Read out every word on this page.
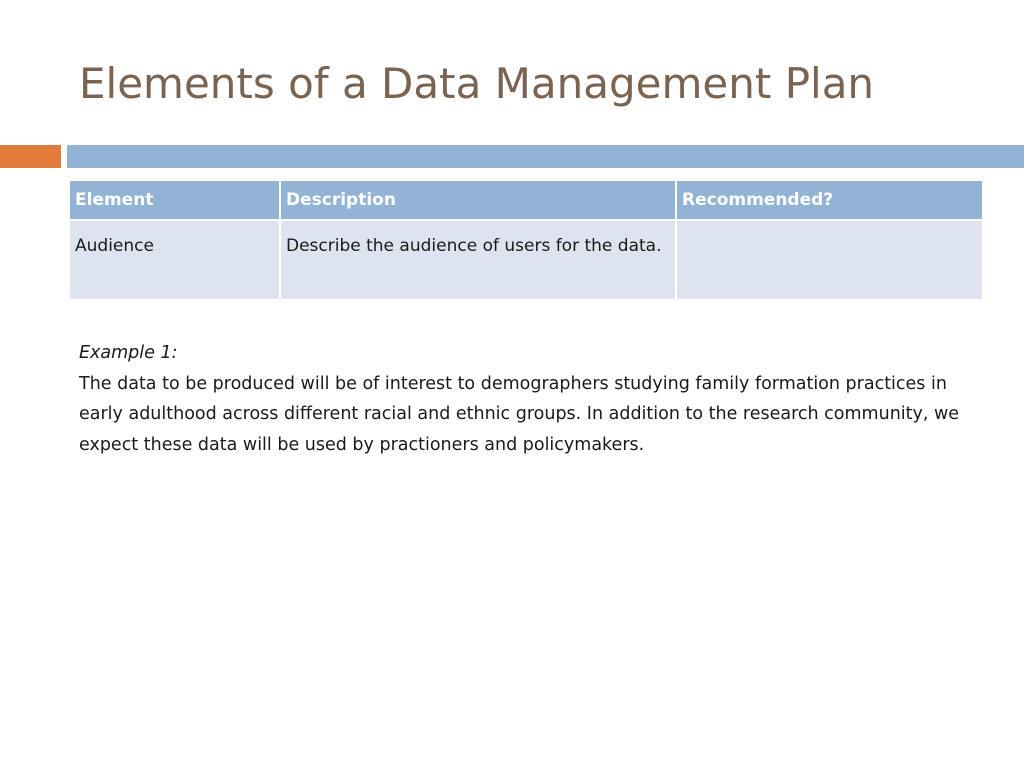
Elements of a Data Management Plan
Element	Description	Recommended?
Audience	Describe the audience of users for the data.	
Example 1:
The data to be produced will be of interest to demographers studying family formation practices in early adulthood across different racial and ethnic groups. In addition to the research community, we expect these data will be used by practioners and policymakers.
